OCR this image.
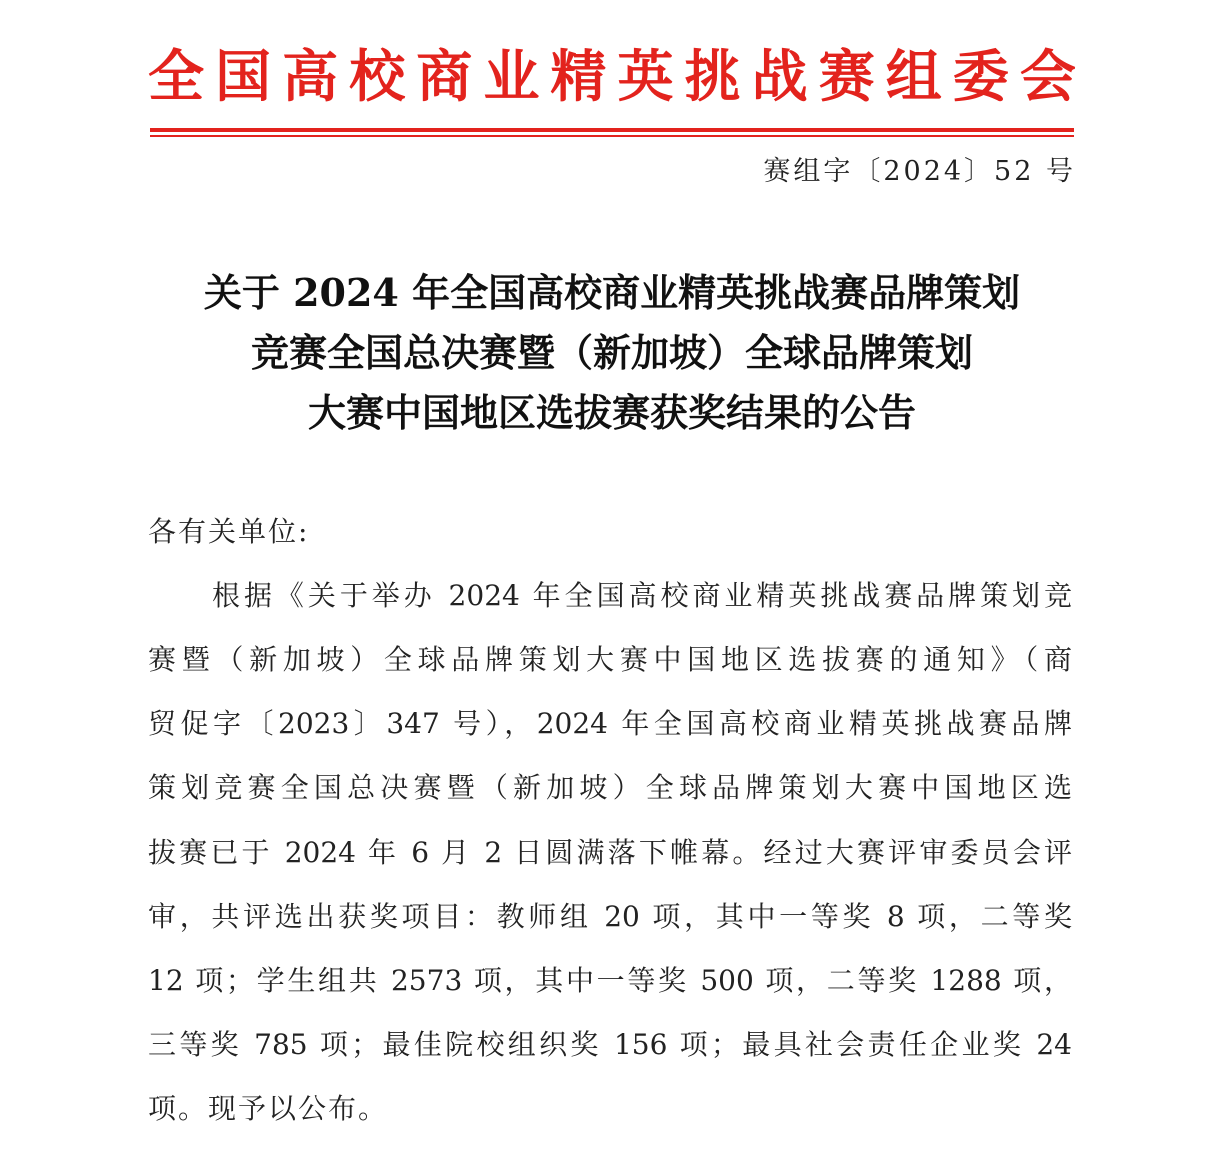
全 国 高 校 商 业 精 英 挑 战 赛 组 委 会
赛组字〔2024〕52 号
关于 2024 年全国高校商业精英挑战赛品牌策划
竞赛全国总决赛暨（新加坡）全球品牌策划
大赛中国地区选拔赛获奖结果的公告
各有关单位:
根据《关于举办 2024 年全国高校商业精英挑战赛品牌策划竞
赛暨（新加坡）全球品牌策划大赛中国地区选拔赛的通知》（商
贸促字〔2023〕347 号），2024 年全国高校商业精英挑战赛品牌
策划竞赛全国总决赛暨（新加坡）全球品牌策划大赛中国地区选
拔赛已于 2024 年 6 月 2 日圆满落下帷幕。经过大赛评审委员会评
审，共评选出获奖项目：教师组 20 项，其中一等奖 8 项，二等奖
12 项；学生组共 2573 项，其中一等奖 500 项，二等奖 1288 项，
三等奖 785 项；最佳院校组织奖 156 项；最具社会责任企业奖 24
项。现予以公布。
